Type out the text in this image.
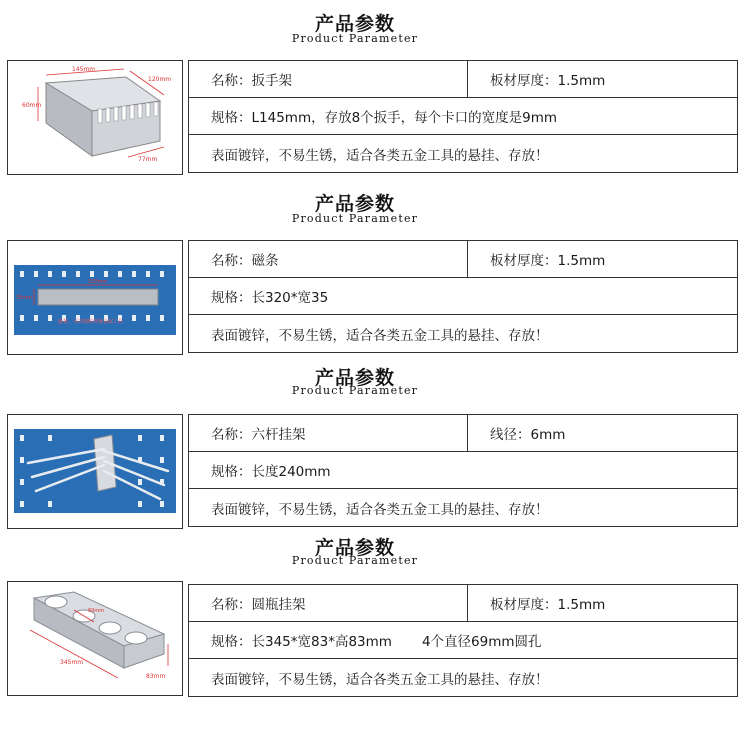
产品参数
Product Parameter
145mm
120mm
60mm
77mm
名称：扳手架	板材厚度：1.5mm
规格：L145mm，存放8个扳手，每个卡口的宽度是9mm
表面镀锌，不易生锈，适合各类五金工具的悬挂、存放！
产品参数
Product Parameter
320mm
35mm
磁条，可以吸附各种金属工具
名称：磁条	板材厚度：1.5mm
规格：长320*宽35
表面镀锌，不易生锈，适合各类五金工具的悬挂、存放！
产品参数
Product Parameter
名称：六杆挂架	线径：6mm
规格：长度240mm
表面镀锌，不易生锈，适合各类五金工具的悬挂、存放！
产品参数
Product Parameter
69mm
345mm
83mm
名称：圆瓶挂架	板材厚度：1.5mm
规格：长345*宽83*高83mm 4个直径69mm圆孔
表面镀锌，不易生锈，适合各类五金工具的悬挂、存放！
